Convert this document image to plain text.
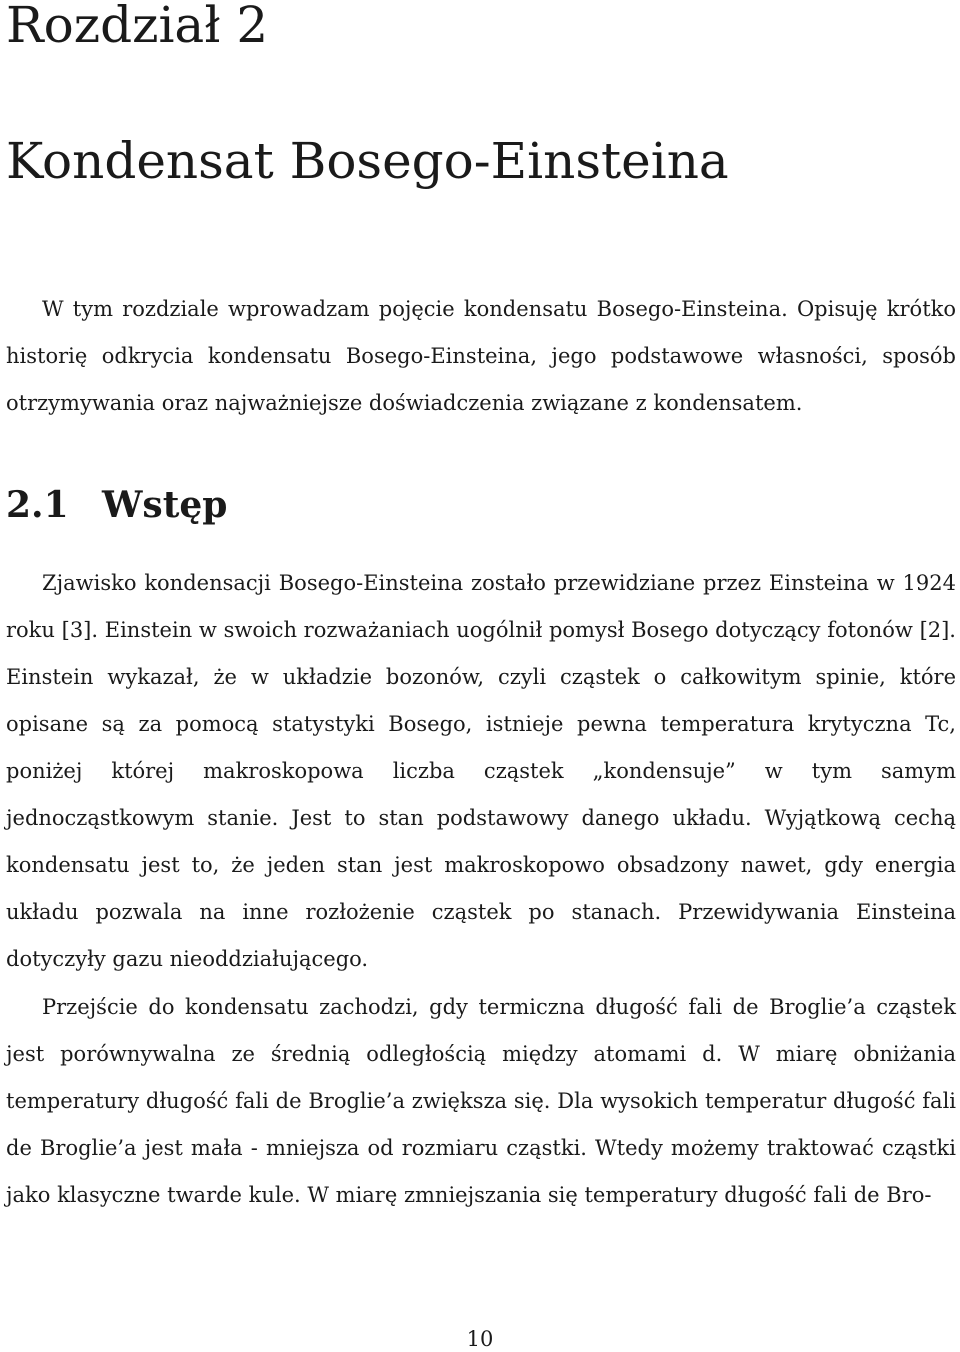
Rozdział 2
Kondensat Bosego-Einsteina

W tym rozdziale wprowadzam pojęcie kondensatu Bosego-Einsteina. Opisuję krótko historię odkrycia kondensatu Bosego-Einsteina, jego podstawowe własności, sposób otrzymywania oraz najważniejsze doświadczenia związane z kondensatem.

2.1 Wstęp

Zjawisko kondensacji Bosego-Einsteina zostało przewidziane przez Einsteina w 1924 roku [3]. Einstein w swoich rozważaniach uogólnił pomysł Bosego dotyczący fotonów [2]. Einstein wykazał, że w układzie bozonów, czyli cząstek o całkowitym spinie, które opisane są za pomocą statystyki Bosego, istnieje pewna temperatura krytyczna Tc, poniżej której makroskopowa liczba cząstek „kondensuje” w tym samym jednocząstkowym stanie. Jest to stan podstawowy danego układu. Wyjątkową cechą kondensatu jest to, że jeden stan jest makroskopowo obsadzony nawet, gdy energia układu pozwala na inne rozłożenie cząstek po stanach. Przewidywania Einsteina dotyczyły gazu nieoddziałującego.

Przejście do kondensatu zachodzi, gdy termiczna długość fali de Broglie’a cząstek jest porównywalna ze średnią odległością między atomami d. W miarę obniżania temperatury długość fali de Broglie’a zwiększa się. Dla wysokich temperatur długość fali de Broglie’a jest mała - mniejsza od rozmiaru cząstki. Wtedy możemy traktować cząstki jako klasyczne twarde kule. W miarę zmniejszania się temperatury długość fali de Bro-

10
